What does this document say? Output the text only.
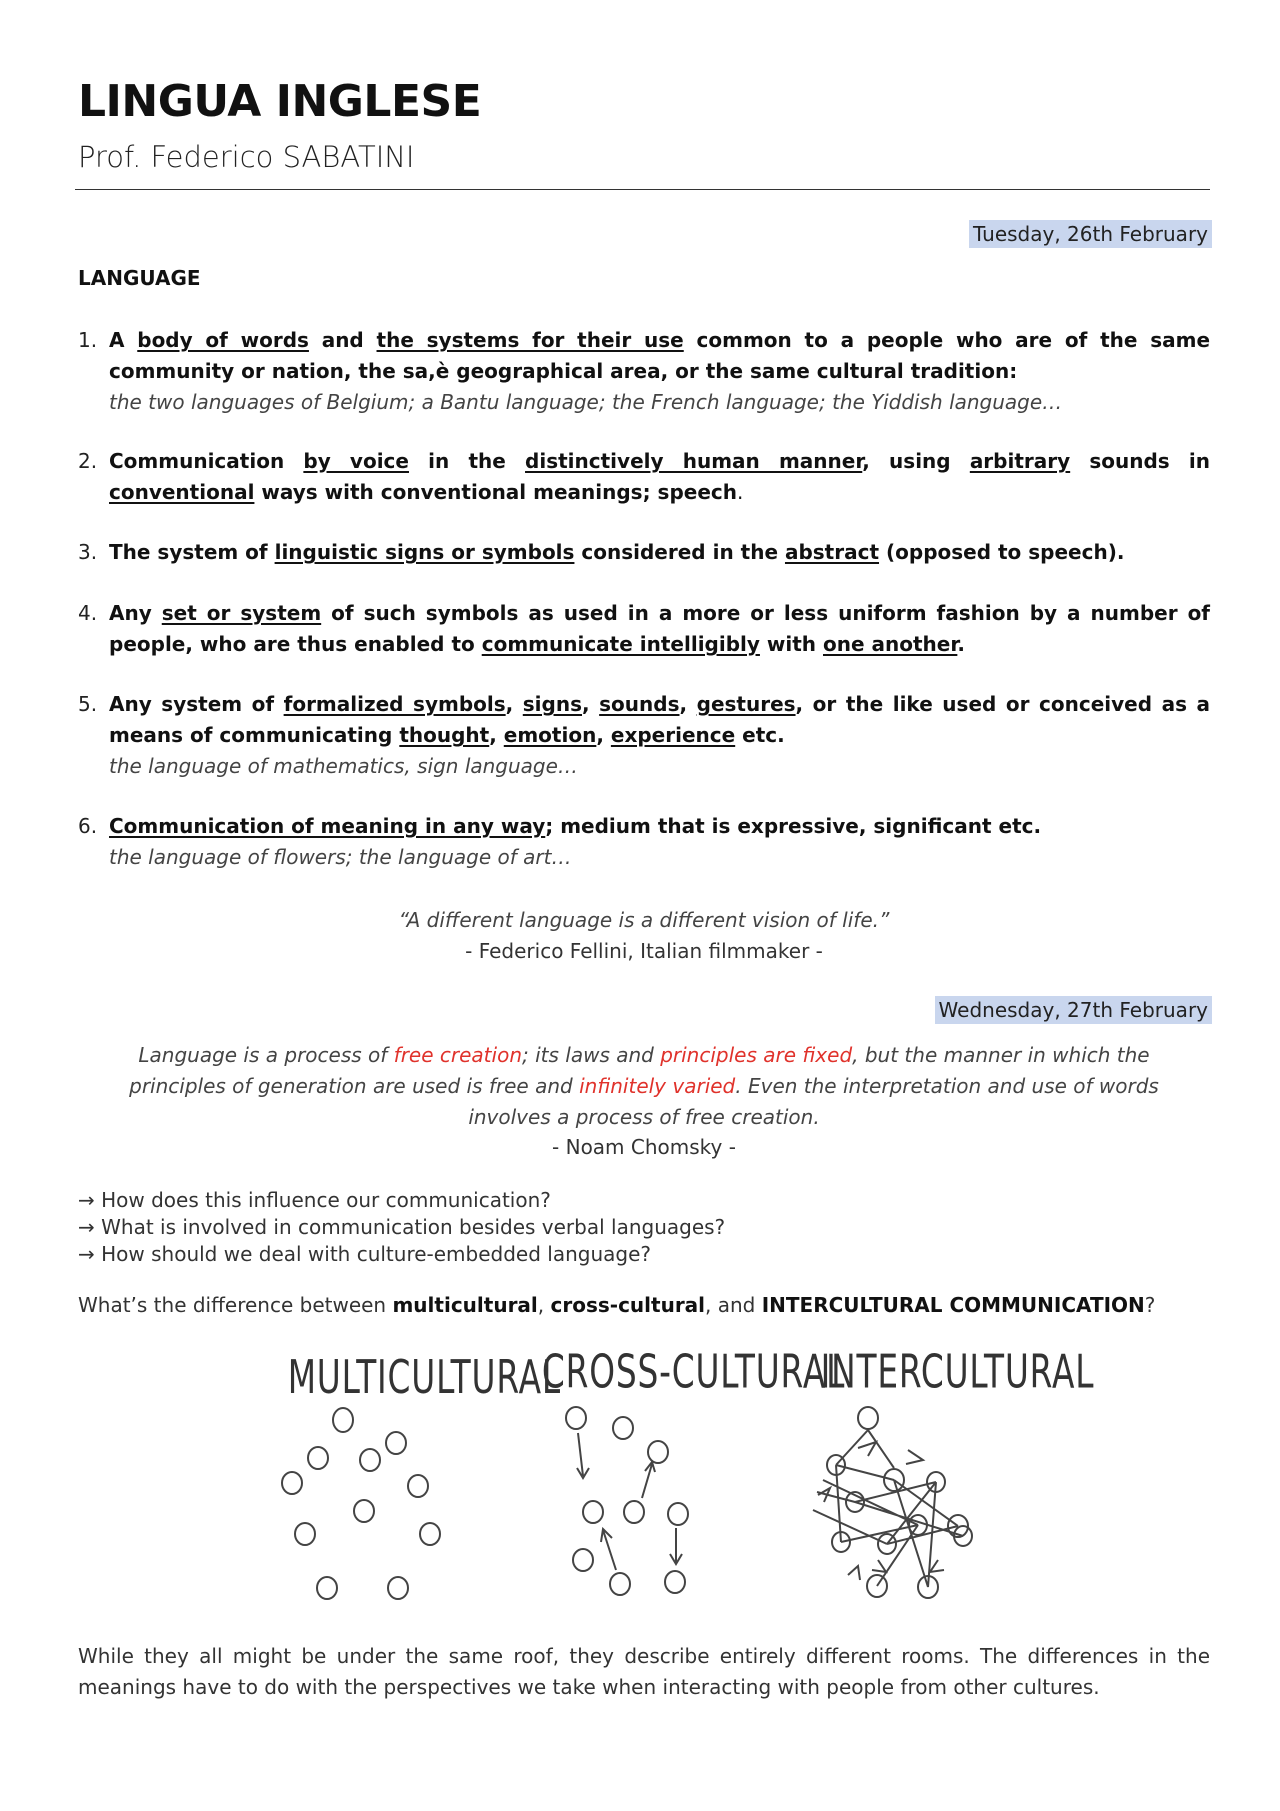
LINGUA INGLESE
Prof. Federico SABATINI
Tuesday, 26th February
LANGUAGE
1. A body of words and the systems for their use common to a people who are of the same community or nation, the sa,è geographical area, or the same cultural tradition:
the two languages of Belgium; a Bantu language; the French language; the Yiddish language…
2. Communication by voice in the distinctively human manner, using arbitrary sounds in conventional ways with conventional meanings; speech.
3. The system of linguistic signs or symbols considered in the abstract (opposed to speech).
4. Any set or system of such symbols as used in a more or less uniform fashion by a number of people, who are thus enabled to communicate intelligibly with one another.
5. Any system of formalized symbols, signs, sounds, gestures, or the like used or conceived as a means of communicating thought, emotion, experience etc.
the language of mathematics, sign language…
6. Communication of meaning in any way; medium that is expressive, significant etc.
the language of flowers; the language of art…
“A different language is a different vision of life.”
- Federico Fellini, Italian filmmaker -
Wednesday, 27th February
Language is a process of free creation; its laws and principles are fixed, but the manner in which the principles of generation are used is free and infinitely varied. Even the interpretation and use of words involves a process of free creation.
- Noam Chomsky -
→ How does this influence our communication?
→ What is involved in communication besides verbal languages?
→ How should we deal with culture-embedded language?
What’s the difference between multicultural, cross-cultural, and INTERCULTURAL COMMUNICATION?
MULTICULTURAL
CROSS-CULTURAL
INTERCULTURAL
While they all might be under the same roof, they describe entirely different rooms. The differences in the meanings have to do with the perspectives we take when interacting with people from other cultures.
